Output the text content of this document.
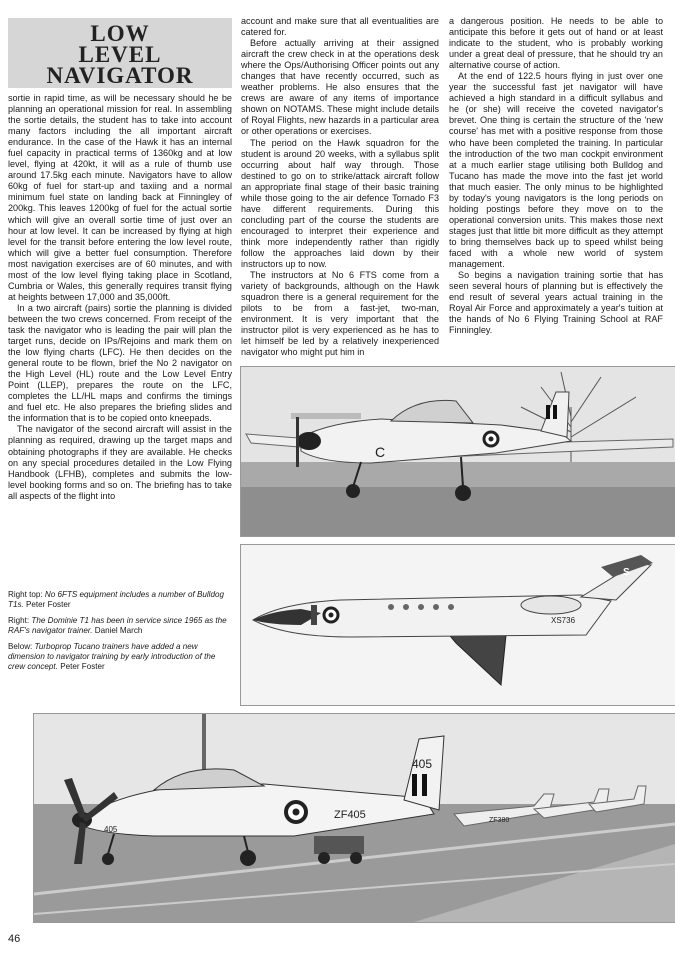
LOW
LEVEL
NAVIGATOR

sortie in rapid time, as will be necessary should he be planning an operational mission for real. In assembling the sortie details, the student has to take into account many factors including the all important aircraft endurance. In the case of the Hawk it has an internal fuel capacity in practical terms of 1360kg and at low level, flying at 420kt, it will as a rule of thumb use around 17.5kg each minute. Navigators have to allow 60kg of fuel for start-up and taxiing and a normal minimum fuel state on landing back at Finningley of 200kg. This leaves 1200kg of fuel for the actual sortie which will give an overall sortie time of just over an hour at low level. It can be increased by flying at high level for the transit before entering the low level route, which will give a better fuel consumption. Therefore most navigation exercises are of 60 minutes, and with most of the low level flying taking place in Scotland, Cumbria or Wales, this generally requires transit flying at heights between 17,000 and 35,000ft.

In a two aircraft (pairs) sortie the planning is divided between the two crews concerned. From receipt of the task the navigator who is leading the pair will plan the target runs, decide on IPs/Rejoins and mark them on the low flying charts (LFC). He then decides on the general route to be flown, brief the No 2 navigator on the High Level (HL) route and the Low Level Entry Point (LLEP), prepares the route on the LFC, completes the LL/HL maps and confirms the timings and fuel etc. He also prepares the briefing slides and the information that is to be copied onto kneepads.

The navigator of the second aircraft will assist in the planning as required, drawing up the target maps and obtaining photographs if they are available. He checks on any special procedures detailed in the Low Flying Handbook (LFHB), completes and submits the low-level booking forms and so on. The briefing has to take all aspects of the flight into

account and make sure that all eventualities are catered for.

Before actually arriving at their assigned aircraft the crew check in at the operations desk where the Ops/Authorising Officer points out any changes that have recently occurred, such as weather problems. He also ensures that the crews are aware of any items of importance shown on NOTAMS. These might include details of Royal Flights, new hazards in a particular area or other operations or exercises.

The period on the Hawk squadron for the student is around 20 weeks, with a syllabus split occurring about half way through. Those destined to go on to strike/attack aircraft follow an appropriate final stage of their basic training while those going to the air defence Tornado F3 have different requirements. During this concluding part of the course the students are encouraged to interpret their experience and think more independently rather than rigidly follow the approaches laid down by their instructors up to now.

The instructors at No 6 FTS come from a variety of backgrounds, although on the Hawk squadron there is a general requirement for the pilots to be from a fast-jet, two-man, environment. It is very important that the instructor pilot is very experienced as he has to let himself be led by a relatively inexperienced navigator who might put him in

a dangerous position. He needs to be able to anticipate this before it gets out of hand or at least indicate to the student, who is probably working under a great deal of pressure, that he should try an alternative course of action.

At the end of 122.5 hours flying in just over one year the successful fast jet navigator will have achieved a high standard in a difficult syllabus and he (or she) will receive the coveted navigator's brevet. One thing is certain the structure of the 'new course' has met with a positive response from those who have been completed the training. In particular the introduction of the two man cockpit environment at a much earlier stage utilising both Bulldog and Tucano has made the move into the fast jet world that much easier. The only minus to be highlighted by today's young navigators is the long periods on holding postings before they move on to the operational conversion units. This makes those next stages just that little bit more difficult as they attempt to bring themselves back up to speed whilst being faced with a whole new world of system management.

So begins a navigation training sortie that has seen several hours of planning but is effectively the end result of several years actual training in the Royal Air Force and approximately a year's tuition at the hands of No 6 Flying Training School at RAF Finningley.

Right top: No 6FTS equipment includes a number of Bulldog T1s. Peter Foster

Right: The Dominie T1 has been in service since 1965 as the RAF's navigator trainer. Daniel March

Below: Turboprop Tucano trainers have added a new dimension to navigator training by early introduction of the crew concept. Peter Foster

C
S
XS736
ZF380
405
ZF405
405
46
